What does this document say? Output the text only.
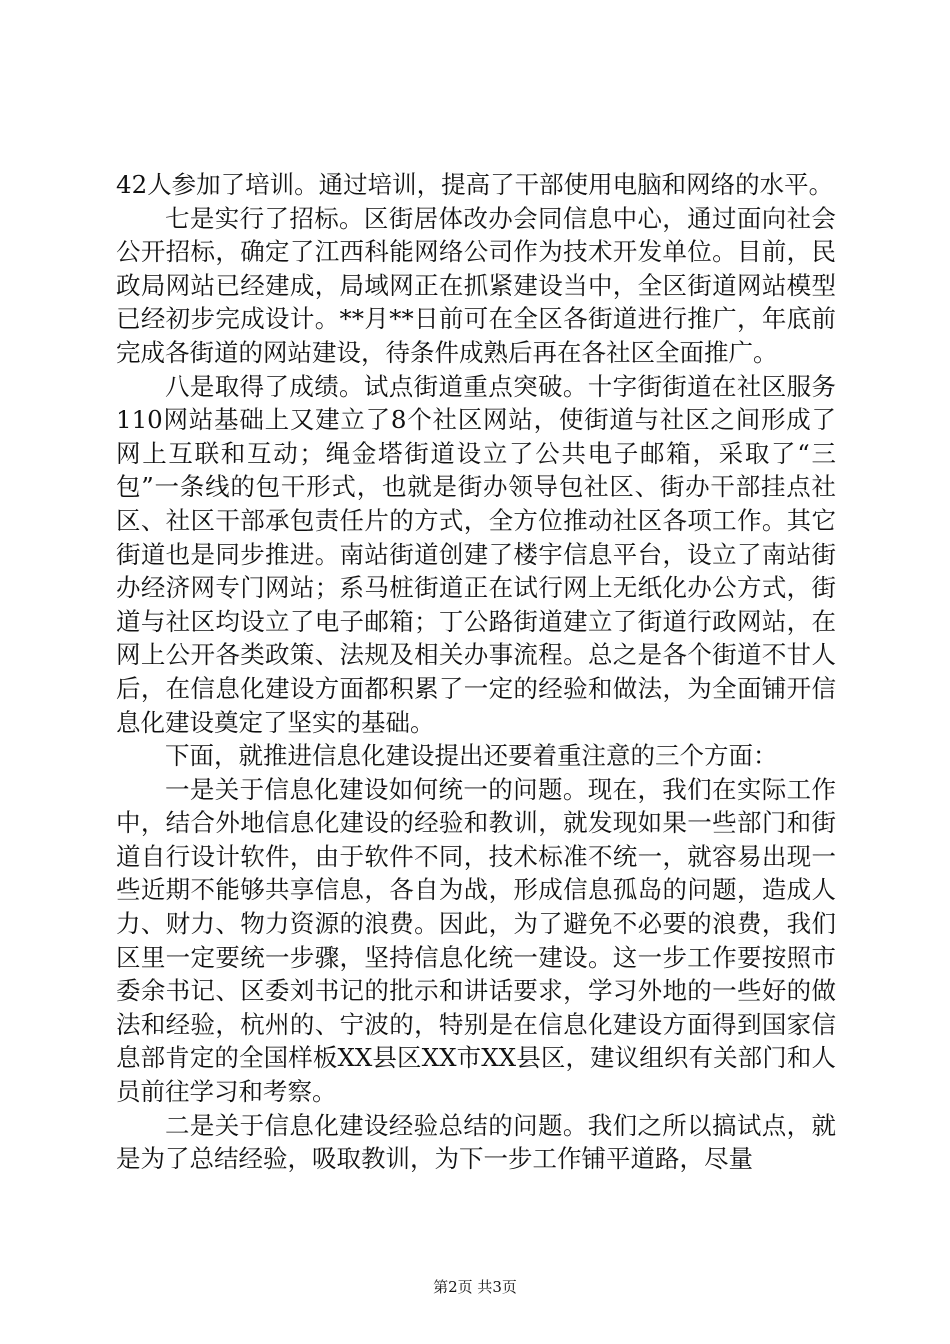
42人参加了培训。通过培训，提高了干部使用电脑和网络的水平。

七是实行了招标。区街居体改办会同信息中心，通过面向社会公开招标，确定了江西科能网络公司作为技术开发单位。目前，民政局网站已经建成，局域网正在抓紧建设当中，全区街道网站模型已经初步完成设计。**月**日前可在全区各街道进行推广，年底前完成各街道的网站建设，待条件成熟后再在各社区全面推广。

八是取得了成绩。试点街道重点突破。十字街街道在社区服务110网站基础上又建立了8个社区网站，使街道与社区之间形成了网上互联和互动；绳金塔街道设立了公共电子邮箱，采取了“三包”一条线的包干形式，也就是街办领导包社区、街办干部挂点社区、社区干部承包责任片的方式，全方位推动社区各项工作。其它街道也是同步推进。南站街道创建了楼宇信息平台，设立了南站街办经济网专门网站；系马桩街道正在试行网上无纸化办公方式，街道与社区均设立了电子邮箱；丁公路街道建立了街道行政网站，在网上公开各类政策、法规及相关办事流程。总之是各个街道不甘人后，在信息化建设方面都积累了一定的经验和做法，为全面铺开信息化建设奠定了坚实的基础。

下面，就推进信息化建设提出还要着重注意的三个方面：

一是关于信息化建设如何统一的问题。现在，我们在实际工作中，结合外地信息化建设的经验和教训，就发现如果一些部门和街道自行设计软件，由于软件不同，技术标准不统一，就容易出现一些近期不能够共享信息，各自为战，形成信息孤岛的问题，造成人力、财力、物力资源的浪费。因此，为了避免不必要的浪费，我们区里一定要统一步骤，坚持信息化统一建设。这一步工作要按照市委余书记、区委刘书记的批示和讲话要求，学习外地的一些好的做法和经验，杭州的、宁波的，特别是在信息化建设方面得到国家信息部肯定的全国样板XX县区XX市XX县区，建议组织有关部门和人员前往学习和考察。

二是关于信息化建设经验总结的问题。我们之所以搞试点，就是为了总结经验，吸取教训，为下一步工作铺平道路，尽量

第2页 共3页
